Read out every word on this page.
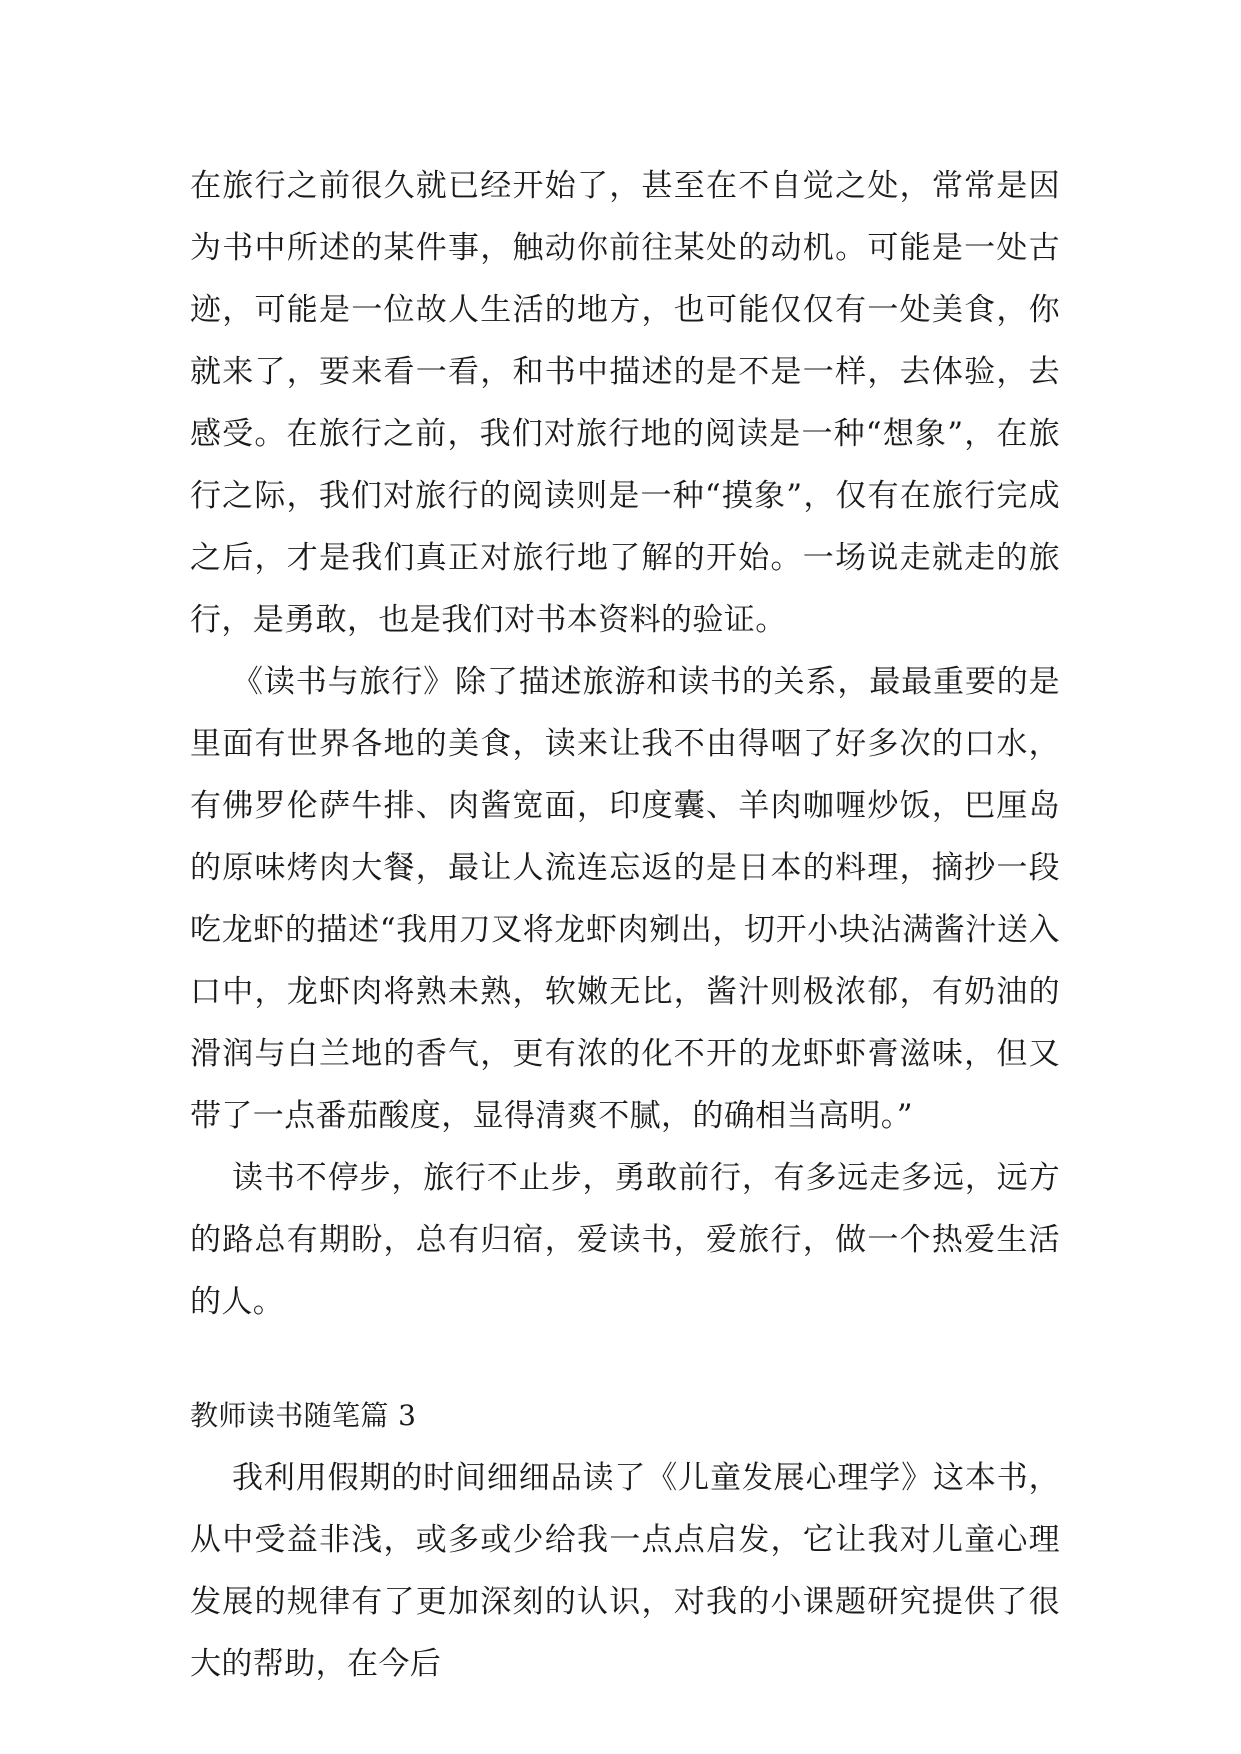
在旅行之前很久就已经开始了，甚至在不自觉之处，常常是因为书中所述的某件事，触动你前往某处的动机。可能是一处古迹，可能是一位故人生活的地方，也可能仅仅有一处美食，你就来了，要来看一看，和书中描述的是不是一样，去体验，去感受。在旅行之前，我们对旅行地的阅读是一种“想象”，在旅行之际，我们对旅行的阅读则是一种“摸象”，仅有在旅行完成之后，才是我们真正对旅行地了解的开始。一场说走就走的旅行，是勇敢，也是我们对书本资料的验证。

《读书与旅行》除了描述旅游和读书的关系，最最重要的是里面有世界各地的美食，读来让我不由得咽了好多次的口水，有佛罗伦萨牛排、肉酱宽面，印度囊、羊肉咖喱炒饭，巴厘岛的原味烤肉大餐，最让人流连忘返的是日本的料理，摘抄一段吃龙虾的描述“我用刀叉将龙虾肉剜出，切开小块沾满酱汁送入口中，龙虾肉将熟未熟，软嫩无比，酱汁则极浓郁，有奶油的滑润与白兰地的香气，更有浓的化不开的龙虾虾膏滋味，但又带了一点番茄酸度，显得清爽不腻，的确相当高明。”

读书不停步，旅行不止步，勇敢前行，有多远走多远，远方的路总有期盼，总有归宿，爱读书，爱旅行，做一个热爱生活的人。

教师读书随笔篇 3

我利用假期的时间细细品读了《儿童发展心理学》这本书，从中受益非浅，或多或少给我一点点启发，它让我对儿童心理发展的规律有了更加深刻的认识，对我的小课题研究提供了很大的帮助，在今后
